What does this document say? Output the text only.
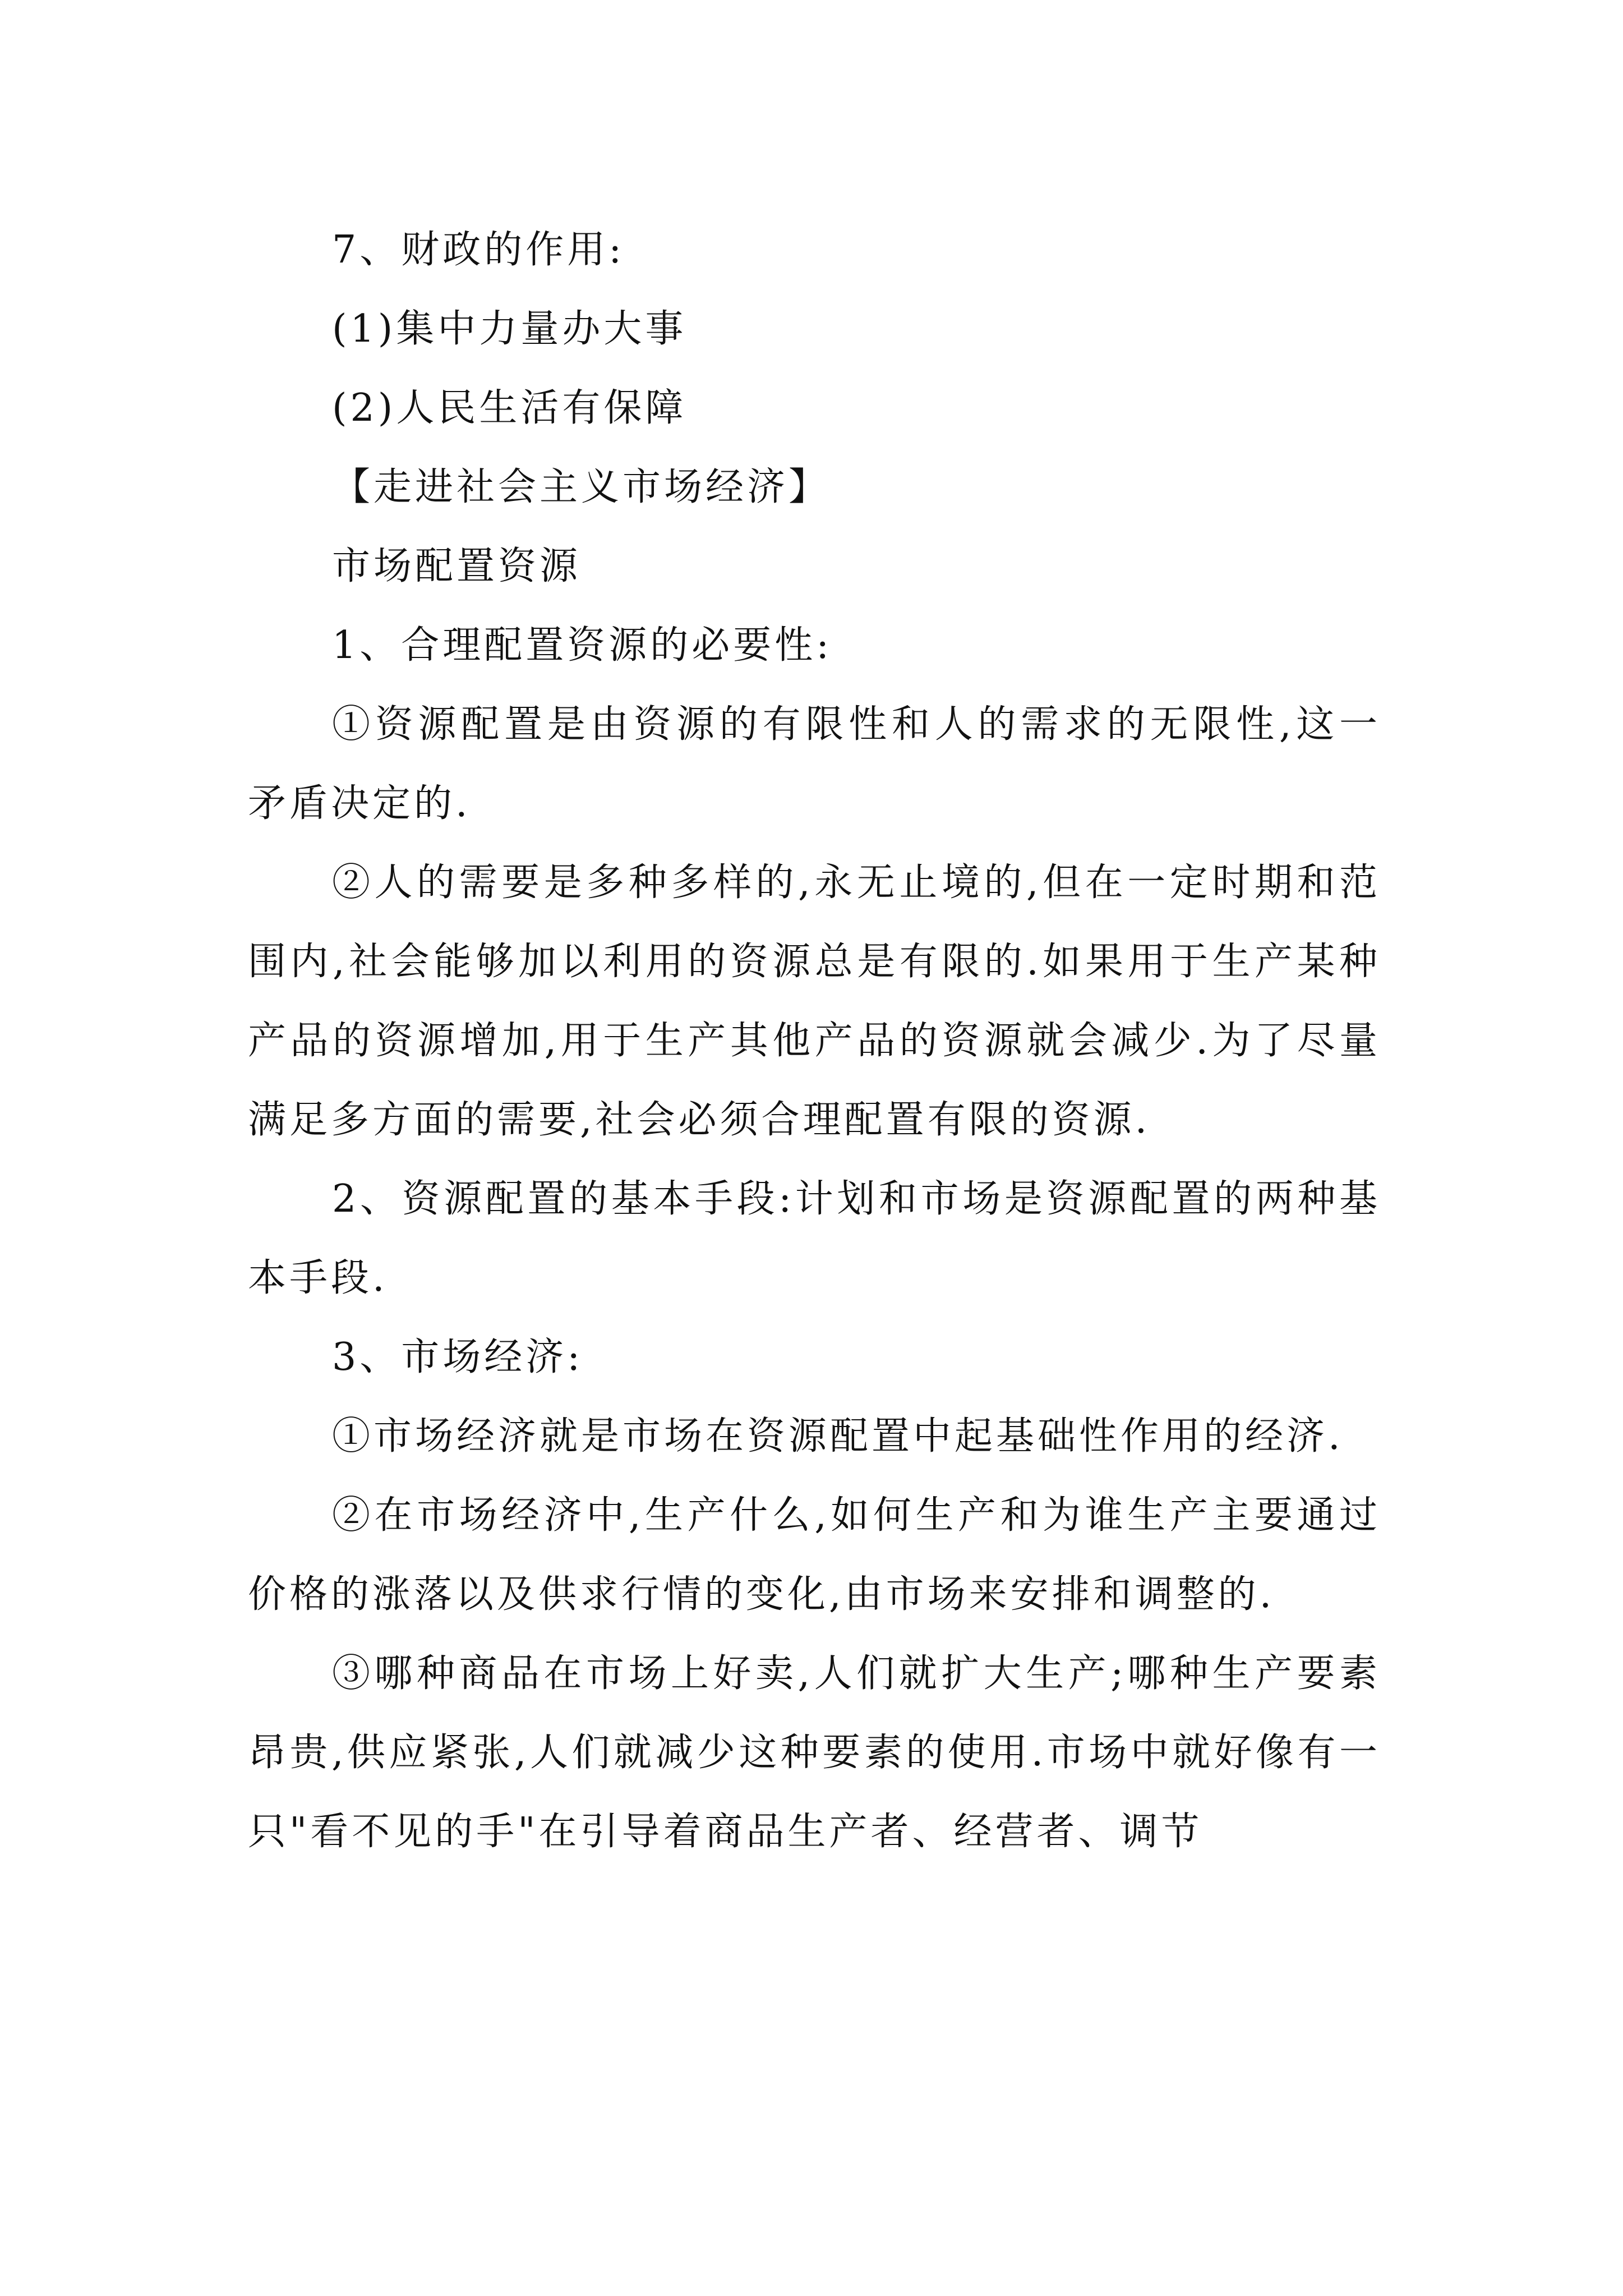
7、财政的作用:
(1)集中力量办大事
(2)人民生活有保障
【走进社会主义市场经济】
市场配置资源
1、合理配置资源的必要性:
①资源配置是由资源的有限性和人的需求的无限性,这一矛盾决定的.
②人的需要是多种多样的,永无止境的,但在一定时期和范围内,社会能够加以利用的资源总是有限的.如果用于生产某种产品的资源增加,用于生产其他产品的资源就会减少.为了尽量满足多方面的需要,社会必须合理配置有限的资源.
2、资源配置的基本手段:计划和市场是资源配置的两种基本手段.
3、市场经济:
①市场经济就是市场在资源配置中起基础性作用的经济.
②在市场经济中,生产什么,如何生产和为谁生产主要通过价格的涨落以及供求行情的变化,由市场来安排和调整的.
③哪种商品在市场上好卖,人们就扩大生产;哪种生产要素昂贵,供应紧张,人们就减少这种要素的使用.市场中就好像有一只"看不见的手"在引导着商品生产者、经营者、调节
